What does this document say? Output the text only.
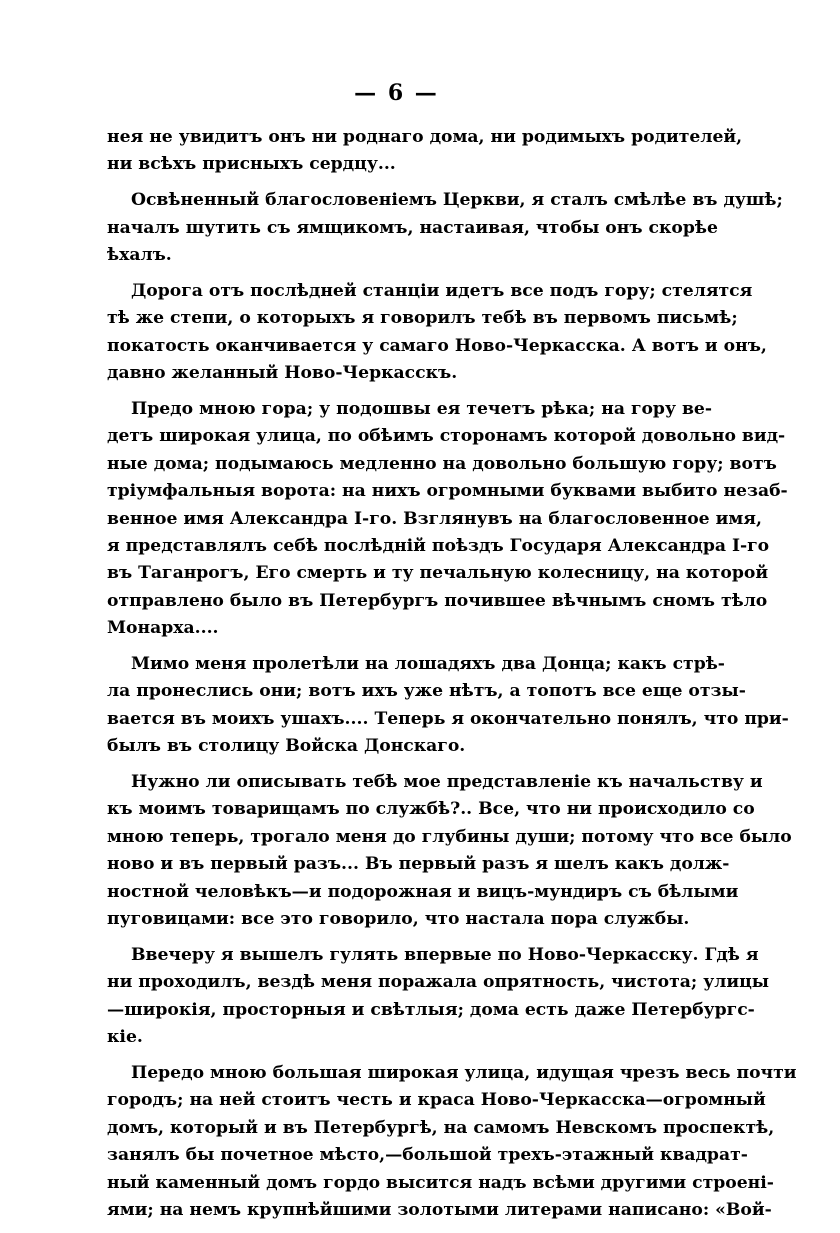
— 6 —
нея не увидитъ онъ ни роднаго дома, ни родимыхъ родителей,
ни всѣхъ присныхъ сердцу...
Освѣненный благословеніемъ Церкви, я сталъ смѣлѣе въ душѣ;
началъ шутить съ ямщикомъ, настаивая, чтобы онъ скорѣе
ѣхалъ.
Дорога отъ послѣдней станціи идетъ все подъ гору; стелятся
тѣ же степи, о которыхъ я говорилъ тебѣ въ первомъ письмѣ;
покатость оканчивается у самаго Ново-Черкасска. А вотъ и онъ,
давно желанный Ново-Черкасскъ.
Предо мною гора; у подошвы ея течетъ рѣка; на гору ве-
детъ широкая улица, по обѣимъ сторонамъ которой довольно вид-
ные дома; подымаюсь медленно на довольно большую гору; вотъ
тріумфальныя ворота: на нихъ огромными буквами выбито незаб-
венное имя Александра I-го. Взглянувъ на благословенное имя,
я представлялъ себѣ послѣдній поѣздъ Государя Александра I-го
въ Таганрогъ, Его смерть и ту печальную колесницу, на которой
отправлено было въ Петербургъ почившее вѣчнымъ сномъ тѣло
Монарха....
Мимо меня пролетѣли на лошадяхъ два Донца; какъ стрѣ-
ла пронеслись они; вотъ ихъ уже нѣтъ, а топотъ все еще отзы-
вается въ моихъ ушахъ.... Теперь я окончательно понялъ, что при-
былъ въ столицу Войска Донскаго.
Нужно ли описывать тебѣ мое представленіе къ начальству и
къ моимъ товарищамъ по службѣ?.. Все, что ни происходило со
мною теперь, трогало меня до глубины души; потому что все было
ново и въ первый разъ... Въ первый разъ я шелъ какъ долж-
ностной человѣкъ—и подорожная и вицъ-мундиръ съ бѣлыми
пуговицами: все это говорило, что настала пора службы.
Ввечеру я вышелъ гулять впервые по Ново-Черкасску. Гдѣ я
ни проходилъ, вездѣ меня поражала опрятность, чистота; улицы
—широкія, просторныя и свѣтлыя; дома есть даже Петербургс-
кіе.
Передо мною большая широкая улица, идущая чрезъ весь почти
городъ; на ней стоитъ честь и краса Ново-Черкасска—огромный
домъ, который и въ Петербургѣ, на самомъ Невскомъ проспектѣ,
занялъ бы почетное мѣсто,—большой трехъ-этажный квадрат-
ный каменный домъ гордо высится надъ всѣми другими строені-
ями; на немъ крупнѣйшими золотыми литерами написано: «Вой-
